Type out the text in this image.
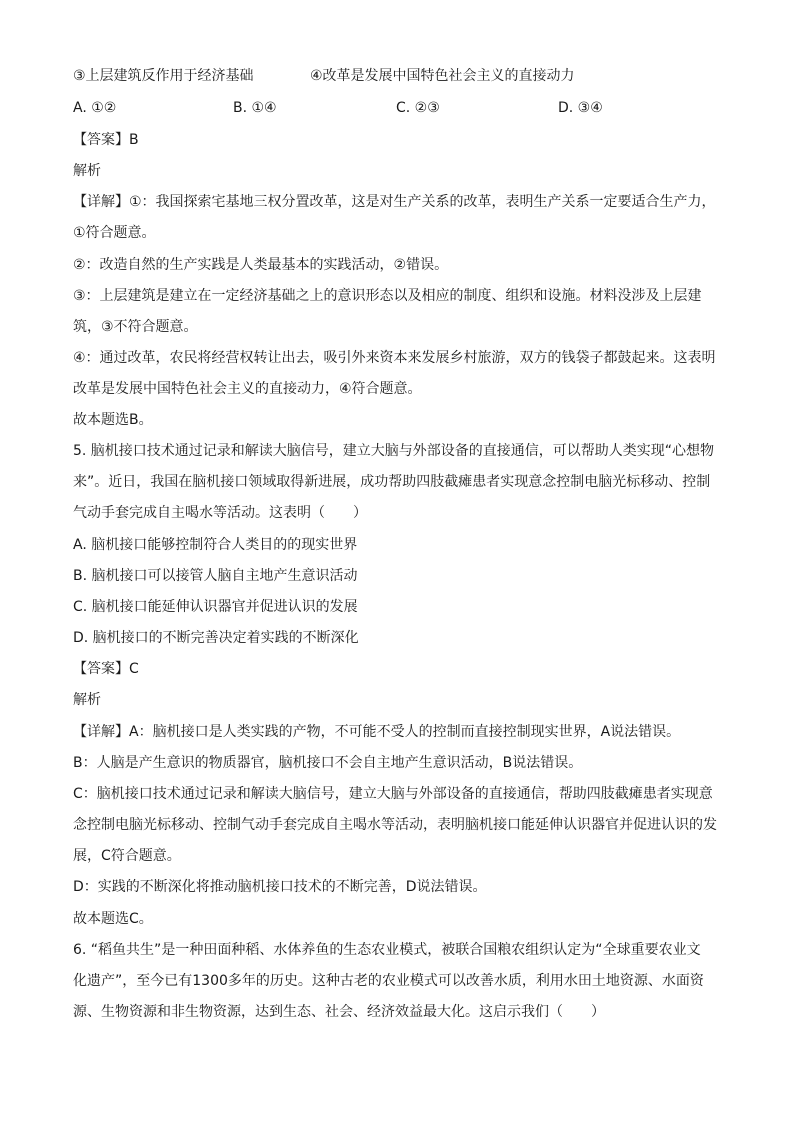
③上层建筑反作用于经济基础	④改革是发展中国特色社会主义的直接动力
A. ①②	B. ①④	C. ②③	D. ③④
【答案】B
解析
【详解】①：我国探索宅基地三权分置改革，这是对生产关系的改革，表明生产关系一定要适合生产力，
①符合题意。
②：改造自然的生产实践是人类最基本的实践活动，②错误。
③：上层建筑是建立在一定经济基础之上的意识形态以及相应的制度、组织和设施。材料没涉及上层建
筑，③不符合题意。
④：通过改革，农民将经营权转让出去，吸引外来资本来发展乡村旅游，双方的钱袋子都鼓起来。这表明
改革是发展中国特色社会主义的直接动力，④符合题意。
故本题选B。
5. 脑机接口技术通过记录和解读大脑信号，建立大脑与外部设备的直接通信，可以帮助人类实现“心想物
来”。近日，我国在脑机接口领域取得新进展，成功帮助四肢截瘫患者实现意念控制电脑光标移动、控制
气动手套完成自主喝水等活动。这表明（　　）
A. 脑机接口能够控制符合人类目的的现实世界
B. 脑机接口可以接管人脑自主地产生意识活动
C. 脑机接口能延伸认识器官并促进认识的发展
D. 脑机接口的不断完善决定着实践的不断深化
【答案】C
解析
【详解】A：脑机接口是人类实践的产物，不可能不受人的控制而直接控制现实世界，A说法错误。
B：人脑是产生意识的物质器官，脑机接口不会自主地产生意识活动，B说法错误。
C：脑机接口技术通过记录和解读大脑信号，建立大脑与外部设备的直接通信，帮助四肢截瘫患者实现意
念控制电脑光标移动、控制气动手套完成自主喝水等活动，表明脑机接口能延伸认识器官并促进认识的发
展，C符合题意。
D：实践的不断深化将推动脑机接口技术的不断完善，D说法错误。
故本题选C。
6. “稻鱼共生”是一种田面种稻、水体养鱼的生态农业模式，被联合国粮农组织认定为“全球重要农业文
化遗产”，至今已有1300多年的历史。这种古老的农业模式可以改善水质，利用水田土地资源、水面资
源、生物资源和非生物资源，达到生态、社会、经济效益最大化。这启示我们（　　）
